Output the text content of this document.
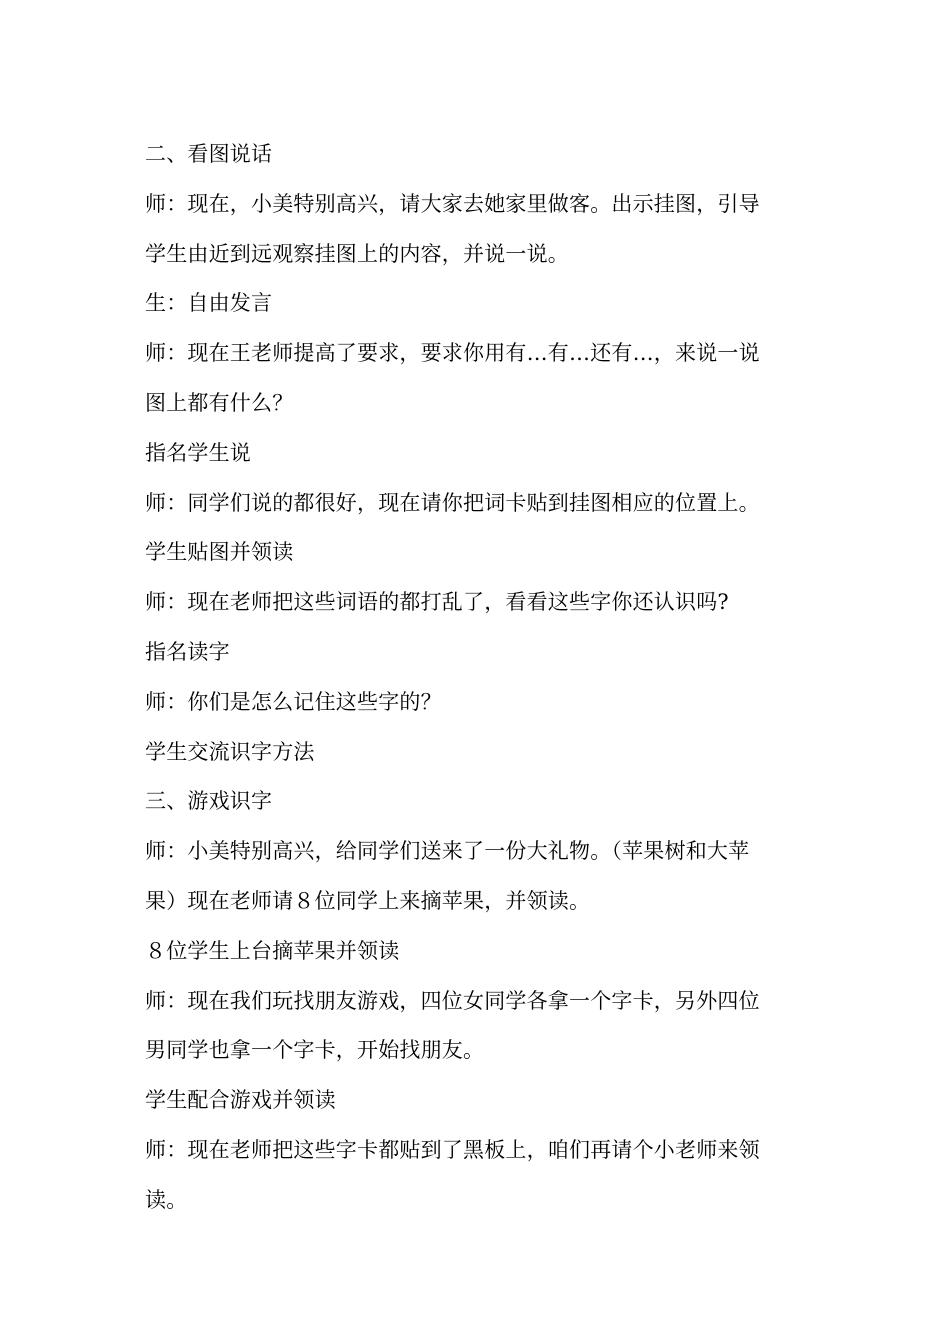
二、看图说话
师：现在，小美特别高兴，请大家去她家里做客。出示挂图，引导
学生由近到远观察挂图上的内容，并说一说。
生：自由发言
师：现在王老师提高了要求，要求你用有…有…还有…，来说一说
图上都有什么？
指名学生说
师：同学们说的都很好，现在请你把词卡贴到挂图相应的位置上。
学生贴图并领读
师：现在老师把这些词语的都打乱了，看看这些字你还认识吗?
指名读字
师：你们是怎么记住这些字的？
学生交流识字方法
三、游戏识字
师：小美特别高兴，给同学们送来了一份大礼物。（苹果树和大苹
果）现在老师请８位同学上来摘苹果，并领读。
８位学生上台摘苹果并领读
师：现在我们玩找朋友游戏，四位女同学各拿一个字卡，另外四位
男同学也拿一个字卡，开始找朋友。
学生配合游戏并领读
师：现在老师把这些字卡都贴到了黑板上，咱们再请个小老师来领
读。
